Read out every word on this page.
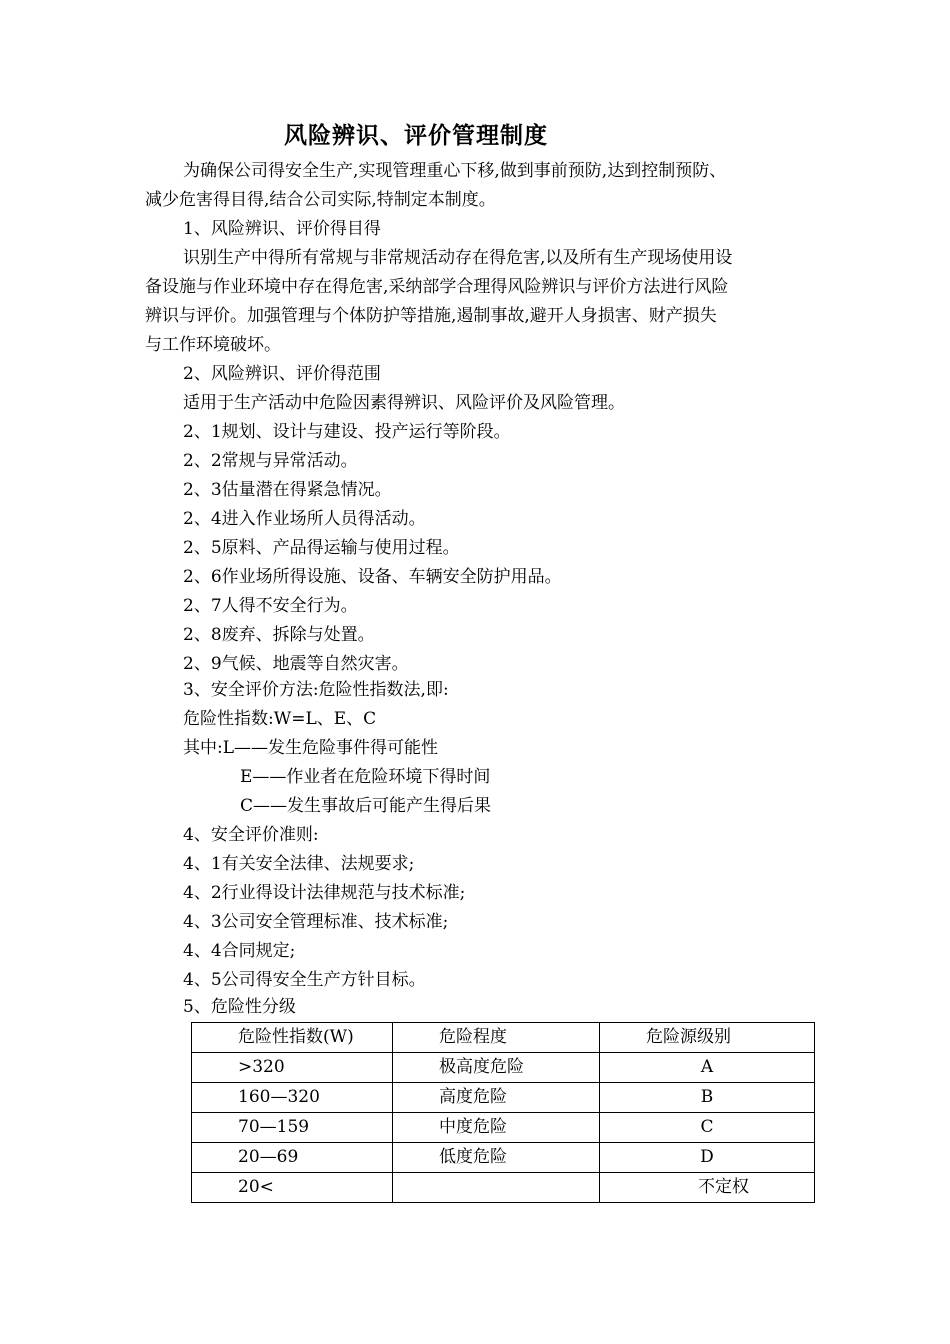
风险辨识、评价管理制度
为确保公司得安全生产,实现管理重心下移,做到事前预防,达到控制预防、
减少危害得目得,结合公司实际,特制定本制度。
1、风险辨识、评价得目得
识别生产中得所有常规与非常规活动存在得危害,以及所有生产现场使用设
备设施与作业环境中存在得危害,采纳部学合理得风险辨识与评价方法进行风险
辨识与评价。加强管理与个体防护等措施,遏制事故,避开人身损害、财产损失
与工作环境破坏。
2、风险辨识、评价得范围
适用于生产活动中危险因素得辨识、风险评价及风险管理。
2、1规划、设计与建设、投产运行等阶段。
2、2常规与异常活动。
2、3估量潜在得紧急情况。
2、4进入作业场所人员得活动。
2、5原料、产品得运输与使用过程。
2、6作业场所得设施、设备、车辆安全防护用品。
2、7人得不安全行为。
2、8废弃、拆除与处置。
2、9气候、地震等自然灾害。
3、安全评价方法:危险性指数法,即:
危险性指数:W=L、E、C
其中:L——发生危险事件得可能性
E——作业者在危险环境下得时间
C——发生事故后可能产生得后果
4、安全评价准则:
4、1有关安全法律、法规要求;
4、2行业得设计法律规范与技术标准;
4、3公司安全管理标准、技术标准;
4、4合同规定;
4、5公司得安全生产方针目标。
5、危险性分级
危险性指数(W)	危险程度	危险源级别
>320	极高度危险	A
160—320	高度危险	B
70—159	中度危险	C
20—69	低度危险	D
20<		不定权
